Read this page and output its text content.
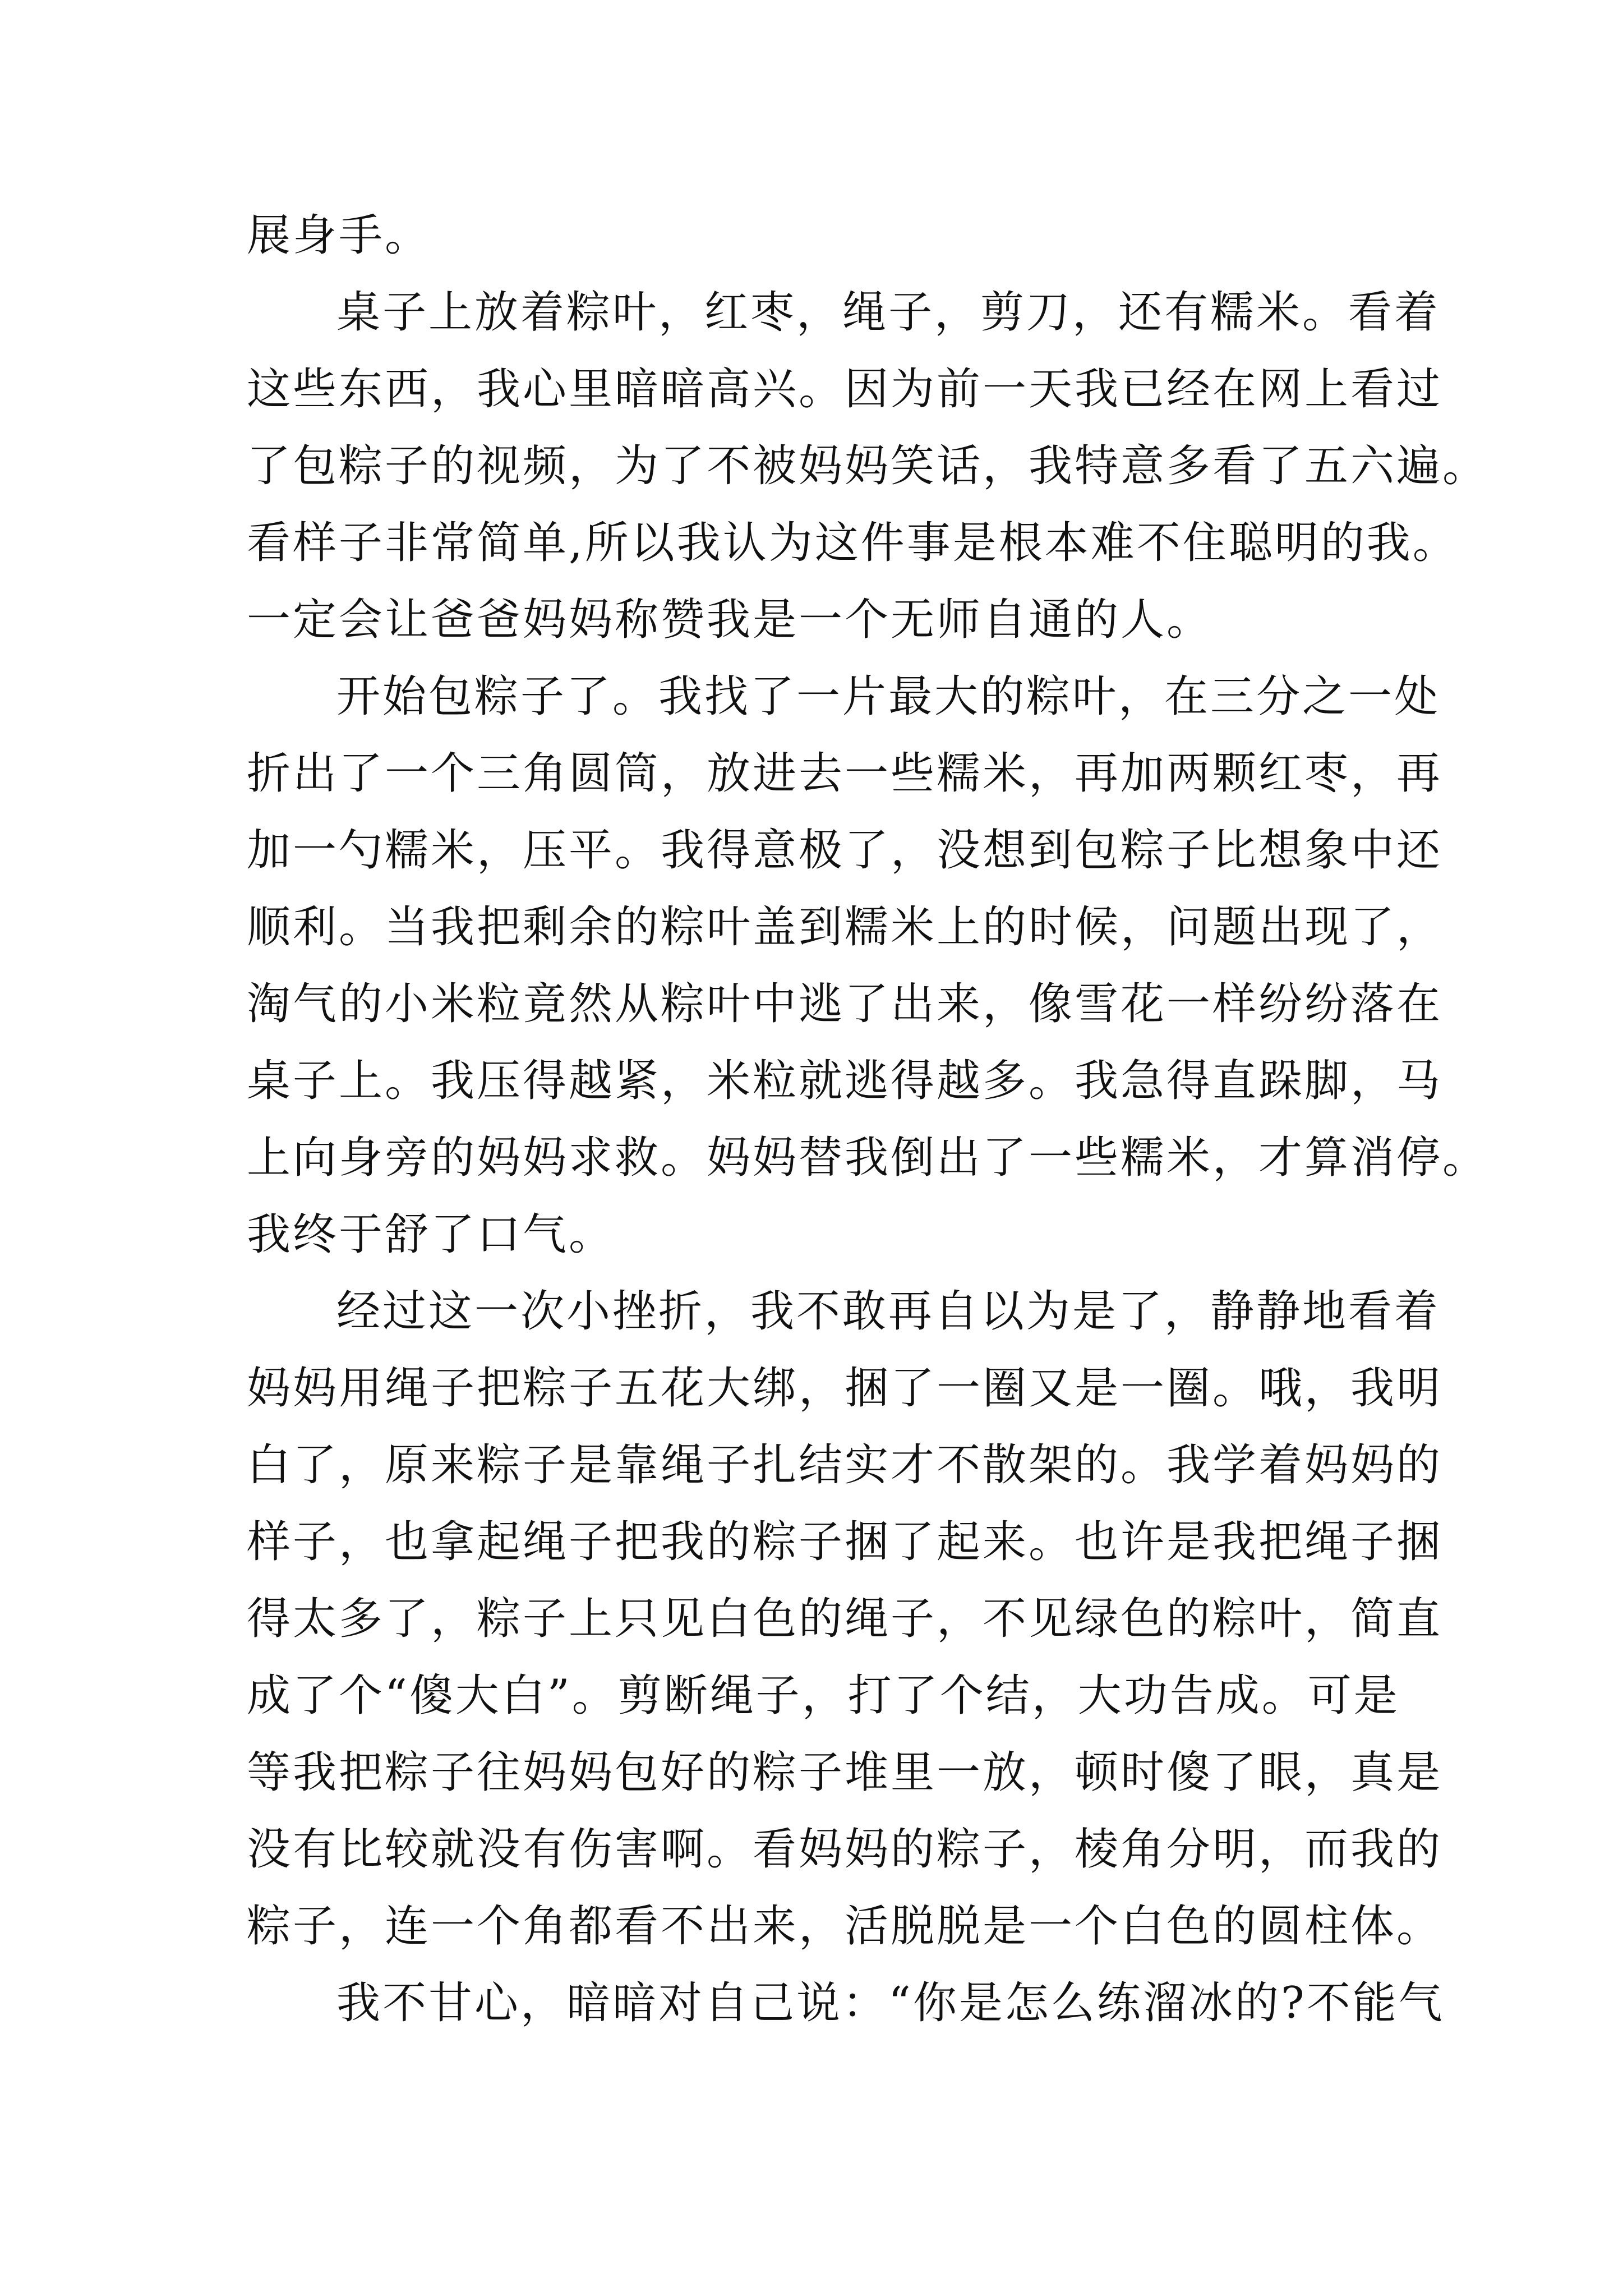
展身手。
桌子上放着粽叶，红枣，绳子，剪刀，还有糯米。看着
这些东西，我心里暗暗高兴。因为前一天我已经在网上看过
了包粽子的视频，为了不被妈妈笑话，我特意多看了五六遍。
看样子非常简单,所以我认为这件事是根本难不住聪明的我。
一定会让爸爸妈妈称赞我是一个无师自通的人。
开始包粽子了。我找了一片最大的粽叶，在三分之一处
折出了一个三角圆筒，放进去一些糯米，再加两颗红枣，再
加一勺糯米，压平。我得意极了，没想到包粽子比想象中还
顺利。当我把剩余的粽叶盖到糯米上的时候，问题出现了，
淘气的小米粒竟然从粽叶中逃了出来，像雪花一样纷纷落在
桌子上。我压得越紧，米粒就逃得越多。我急得直跺脚，马
上向身旁的妈妈求救。妈妈替我倒出了一些糯米，才算消停。
我终于舒了口气。
经过这一次小挫折，我不敢再自以为是了，静静地看着
妈妈用绳子把粽子五花大绑，捆了一圈又是一圈。哦，我明
白了，原来粽子是靠绳子扎结实才不散架的。我学着妈妈的
样子，也拿起绳子把我的粽子捆了起来。也许是我把绳子捆
得太多了，粽子上只见白色的绳子，不见绿色的粽叶，简直
成了个“傻大白”。剪断绳子，打了个结，大功告成。可是
等我把粽子往妈妈包好的粽子堆里一放，顿时傻了眼，真是
没有比较就没有伤害啊。看妈妈的粽子，棱角分明，而我的
粽子，连一个角都看不出来，活脱脱是一个白色的圆柱体。
我不甘心，暗暗对自己说：“你是怎么练溜冰的?不能气
